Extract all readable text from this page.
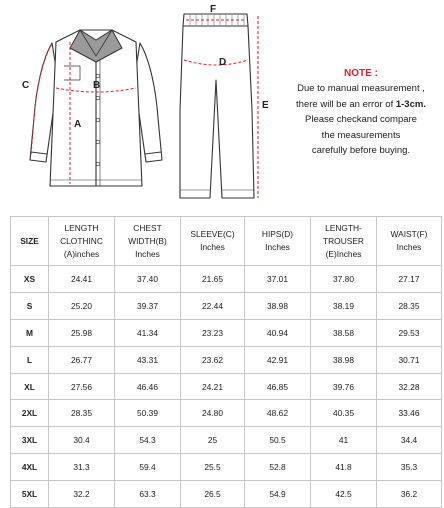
A
B
C
F
D
E
NOTE :
Due to manual measurement ,
there will be an error of 1-3cm.
Please checkand compare
the measurements
carefully before buying.
SIZE	LENGTH
CLOTHINC
(A)inches	CHEST
WIDTH(B)
Inches	SLEEVE(C)
Inches	HIPS(D)
Inches	LENGTH-
TROUSER
(E)Inches	WAIST(F)
Inches

XS	24.41	37.40	21.65	37.01	37.80	27.17
S	25.20	39.37	22.44	38.98	38.19	28.35
M	25.98	41.34	23.23	40.94	38.58	29.53
L	26.77	43.31	23.62	42.91	38.98	30.71
XL	27.56	46.46	24.21	46.85	39.76	32.28
2XL	28.35	50.39	24.80	48.62	40.35	33.46
3XL	30.4	54.3	25	50.5	41	34.4
4XL	31.3	59.4	25.5	52.8	41.8	35.3
5XL	32.2	63.3	26.5	54.9	42.5	36.2
